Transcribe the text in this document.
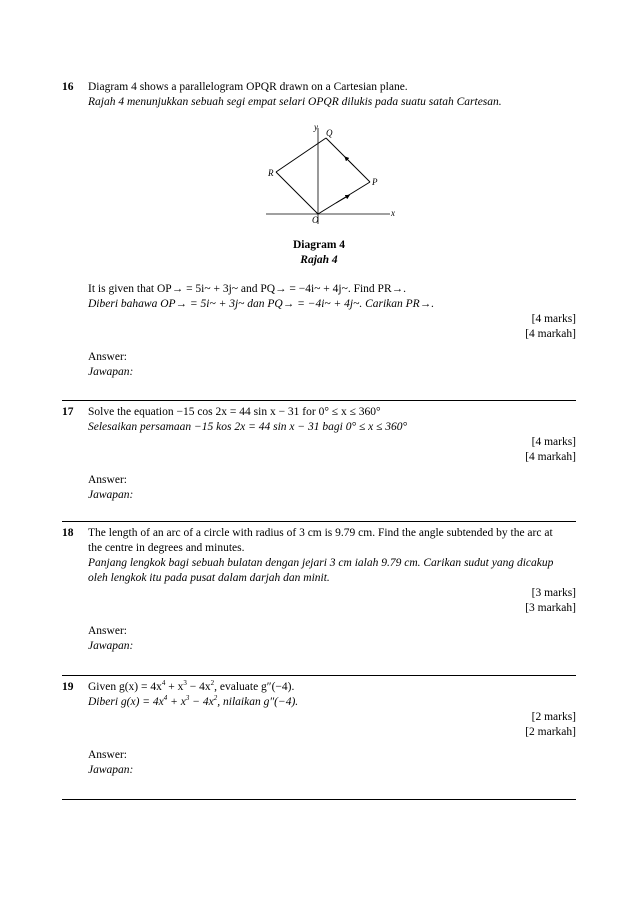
16 Diagram 4 shows a parallelogram OPQR drawn on a Cartesian plane.
Rajah 4 menunjukkan sebuah segi empat selari OPQR dilukis pada suatu satah Cartesan.
x
y
O
P
Q
R
Diagram 4
Rajah 4
It is given that OP→ = 5i~ + 3j~ and PQ→ = −4i~ + 4j~. Find PR→.
Diberi bahawa OP→ = 5i~ + 3j~ dan PQ→ = −4i~ + 4j~. Carikan PR→.
[4 marks]
[4 markah]
Answer:
Jawapan:
17 Solve the equation −15 cos 2x = 44 sin x − 31 for 0° ≤ x ≤ 360°
Selesaikan persamaan −15 kos 2x = 44 sin x − 31 bagi 0° ≤ x ≤ 360°
[4 marks]
[4 markah]
Answer:
Jawapan:
18 The length of an arc of a circle with radius of 3 cm is 9.79 cm. Find the angle subtended by the arc at
the centre in degrees and minutes.
Panjang lengkok bagi sebuah bulatan dengan jejari 3 cm ialah 9.79 cm. Carikan sudut yang dicakup
oleh lengkok itu pada pusat dalam darjah dan minit.
[3 marks]
[3 markah]
Answer:
Jawapan:
19 Given $g(x) = 4x^4 + x^3 - 4x^2$, evaluate g″(−4).
Diberi $g(x) = 4x^4 + x^3 - 4x^2$, nilaikan g″(−4).
[2 marks]
[2 markah]
Answer:
Jawapan:
